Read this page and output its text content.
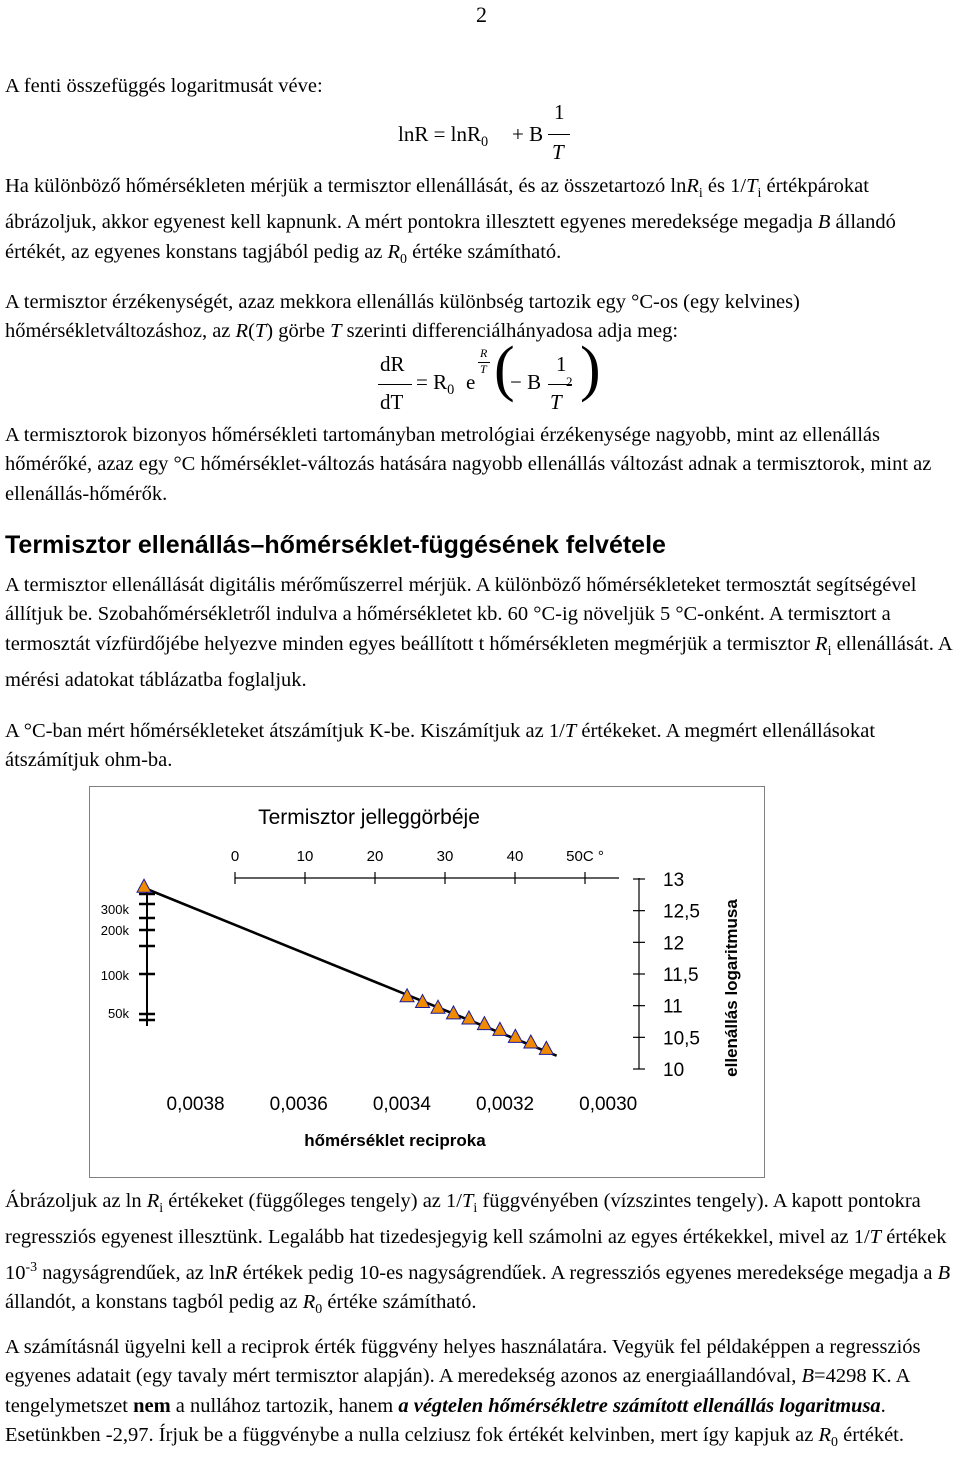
2

A fenti összefüggés logaritmusát véve:

lnR = lnR$_0$ + B
1
T

Ha különböző hőmérsékleten mérjük a termisztor ellenállását, és az összetartozó lnR$_i$ és $1/T_i$ értékpárokat ábrázoljuk, akkor egyenest kell kapnunk. A mért pontokra illesztett egyenes meredeksége megadja B állandó értékét, az egyenes konstans tagjából pedig az $R_0$ értéke számítható.

A termisztor érzékenységét, azaz mekkora ellenállás különbség tartozik egy °C-os (egy kelvines) hőmérsékletváltozáshoz, az R(T) görbe T szerinti differenciálhányadosa adja meg:

dR
dT
= $R_0$ e
R
T (
− B
1
T
2 )

A termisztorok bizonyos hőmérsékleti tartományban metrológiai érzékenysége nagyobb, mint az ellenállás hőmérőké, azaz egy °C hőmérséklet-változás hatására nagyobb ellenállás változást adnak a termisztorok, mint az ellenállás-hőmérők.

Termisztor ellenállás–hőmérséklet-függésének felvétele

A termisztor ellenállását digitális mérőműszerrel mérjük. A különböző hőmérsékleteket termosztát segítségével állítjuk be. Szobahőmérsékletről indulva a hőmérsékletet kb. 60 °C-ig növeljük 5 °C-onként. A termisztort a termosztát vízfürdőjébe helyezve minden egyes beállított t hőmérsékleten megmérjük a termisztor $R_i$ ellenállását. A mérési adatokat táblázatba foglaljuk.

A °C-ban mért hőmérsékleteket átszámítjuk K-be. Kiszámítjuk az 1/T értékeket. A megmért ellenállásokat átszámítjuk ohm-ba.

Termisztor jelleggörbéje
hőmérséklet reciproka
ellenállás logaritmusa
0	10	20	30	40	50C °
300k
200k
100k
50k
13
12,5
12
11,5
11
10,5
10
0,0038 0,0036 0,0034 0,0032 0,0030

Ábrázoljuk az $\ln R_i$ értékeket (függőleges tengely) az $1/T_i$ függvényében (vízszintes tengely). A kapott pontokra regressziós egyenest illesztünk. Legalább hat tizedesjegyig kell számolni az egyes értékekkel, mivel az 1/T értékek $10^{-3}$ nagyságrendűek, az lnR értékek pedig 10-es nagyságrendűek. A regressziós egyenes meredeksége megadja a B állandót, a konstans tagból pedig az $R_0$ értéke számítható.

A számításnál ügyelni kell a reciprok érték függvény helyes használatára. Vegyük fel példaképpen a regressziós egyenes adatait (egy tavaly mért termisztor alapján). A meredekség azonos az energiaállandóval, B=4298 K. A tengelymetszet nem a nullához tartozik, hanem a végtelen hőmérsékletre számított ellenállás logaritmusa. Esetünkben -2,97. Írjuk be a függvénybe a nulla celziusz fok értékét kelvinben, mert így kapjuk az $R_0$ értékét.
